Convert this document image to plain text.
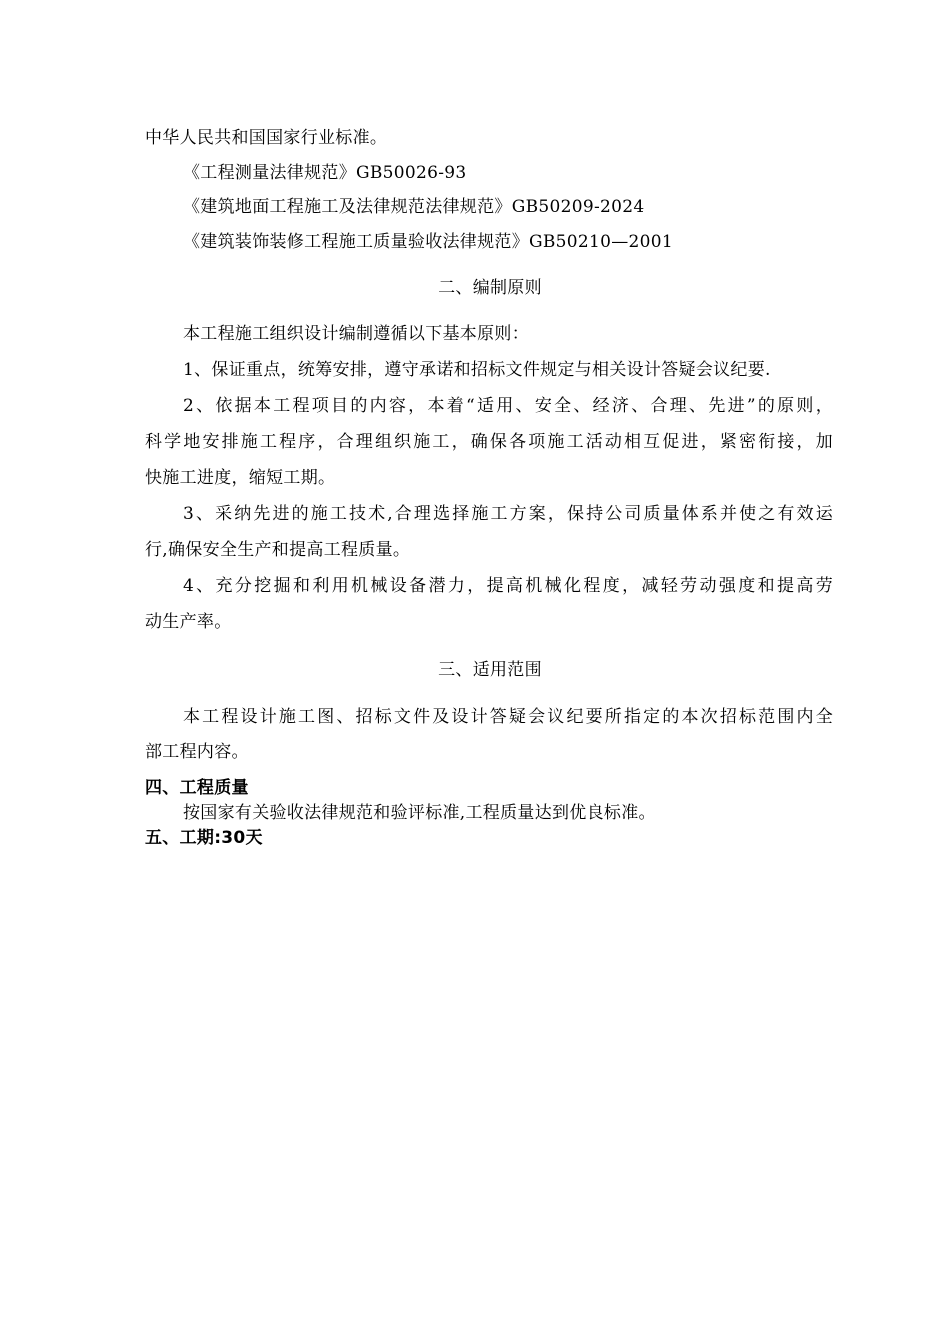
中华人民共和国国家行业标准。
《工程测量法律规范》GB50026-93
《建筑地面工程施工及法律规范法律规范》GB50209-2024
《建筑装饰装修工程施工质量验收法律规范》GB50210—2001
二、编制原则
本工程施工组织设计编制遵循以下基本原则：
1、保证重点，统筹安排，遵守承诺和招标文件规定与相关设计答疑会议纪要.
2、依据本工程项目的内容，本着“适用、安全、经济、合理、先进”的原则，
科学地安排施工程序，合理组织施工，确保各项施工活动相互促进，紧密衔接，加
快施工进度，缩短工期。
3、采纳先进的施工技术,合理选择施工方案，保持公司质量体系并使之有效运
行,确保安全生产和提高工程质量。
4、充分挖掘和利用机械设备潜力，提高机械化程度，减轻劳动强度和提高劳
动生产率。
三、适用范围
本工程设计施工图、招标文件及设计答疑会议纪要所指定的本次招标范围内全
部工程内容。
四、工程质量
按国家有关验收法律规范和验评标准,工程质量达到优良标准。
五、工期:30天
